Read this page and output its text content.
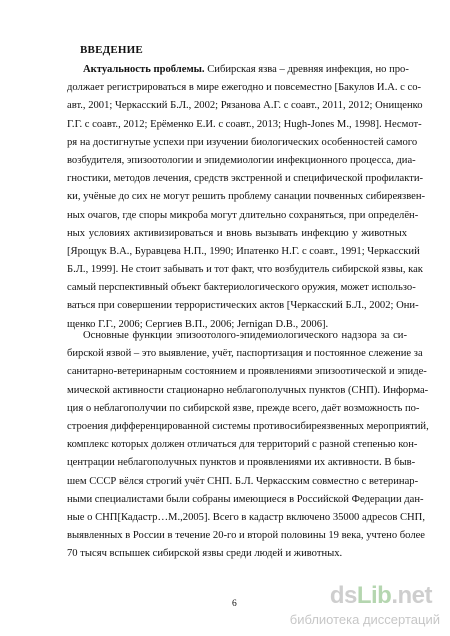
ВВЕДЕНИЕ
Актуальность проблемы. Сибирская язва – древняя инфекция, но про-
должает регистрироваться в мире ежегодно и повсеместно [Бакулов И.А. с со-
авт., 2001; Черкасский Б.Л., 2002; Рязанова А.Г. с соавт., 2011, 2012; Онищенко
Г.Г. с соавт., 2012; Ерёменко Е.И. с соавт., 2013; Hugh-Jones M., 1998]. Несмот-
ря на достигнутые успехи при изучении биологических особенностей самого
возбудителя, эпизоотологии и эпидемиологии инфекционного процесса, диа-
гностики, методов лечения, средств экстренной и специфической профилакти-
ки, учёные до сих не могут решить проблему санации почвенных сибиреязвен-
ных очагов, где споры микроба могут длительно сохраняться, при определён-
ных условиях активизироваться и вновь вызывать инфекцию у животных
[Ярощук В.А., Буравцева Н.П., 1990; Ипатенко Н.Г. с соавт., 1991; Черкасский
Б.Л., 1999]. Не стоит забывать и тот факт, что возбудитель сибирской язвы, как
самый перспективный объект бактериологического оружия, может использо-
ваться при совершении террористических актов [Черкасский Б.Л., 2002; Они-
щенко Г.Г., 2006; Сергиев В.П., 2006; Jernigan D.B., 2006].
Основные функции эпизоотолого-эпидемиологического надзора за си-
бирской язвой – это выявление, учёт, паспортизация и постоянное слежение за
санитарно-ветеринарным состоянием и проявлениями эпизоотической и эпиде-
мической активности стационарно неблагополучных пунктов (СНП). Информа-
ция о неблагополучии по сибирской язве, прежде всего, даёт возможность по-
строения дифференцированной системы противосибиреязвенных мероприятий,
комплекс которых должен отличаться для территорий с разной степенью кон-
центрации неблагополучных пунктов и проявлениями их активности. В быв-
шем СССР вёлся строгий учёт СНП. Б.Л. Черкасским совместно с ветеринар-
ными специалистами были собраны имеющиеся в Российской Федерации дан-
ные о СНП[Кадастр…М.,2005]. Всего в кадастр включено 35000 адресов СНП,
выявленных в России в течение 20-го и второй половины 19 века, учтено более
70 тысяч вспышек сибирской язвы среди людей и животных.
6	dsLib.net
библиотека диссертаций
